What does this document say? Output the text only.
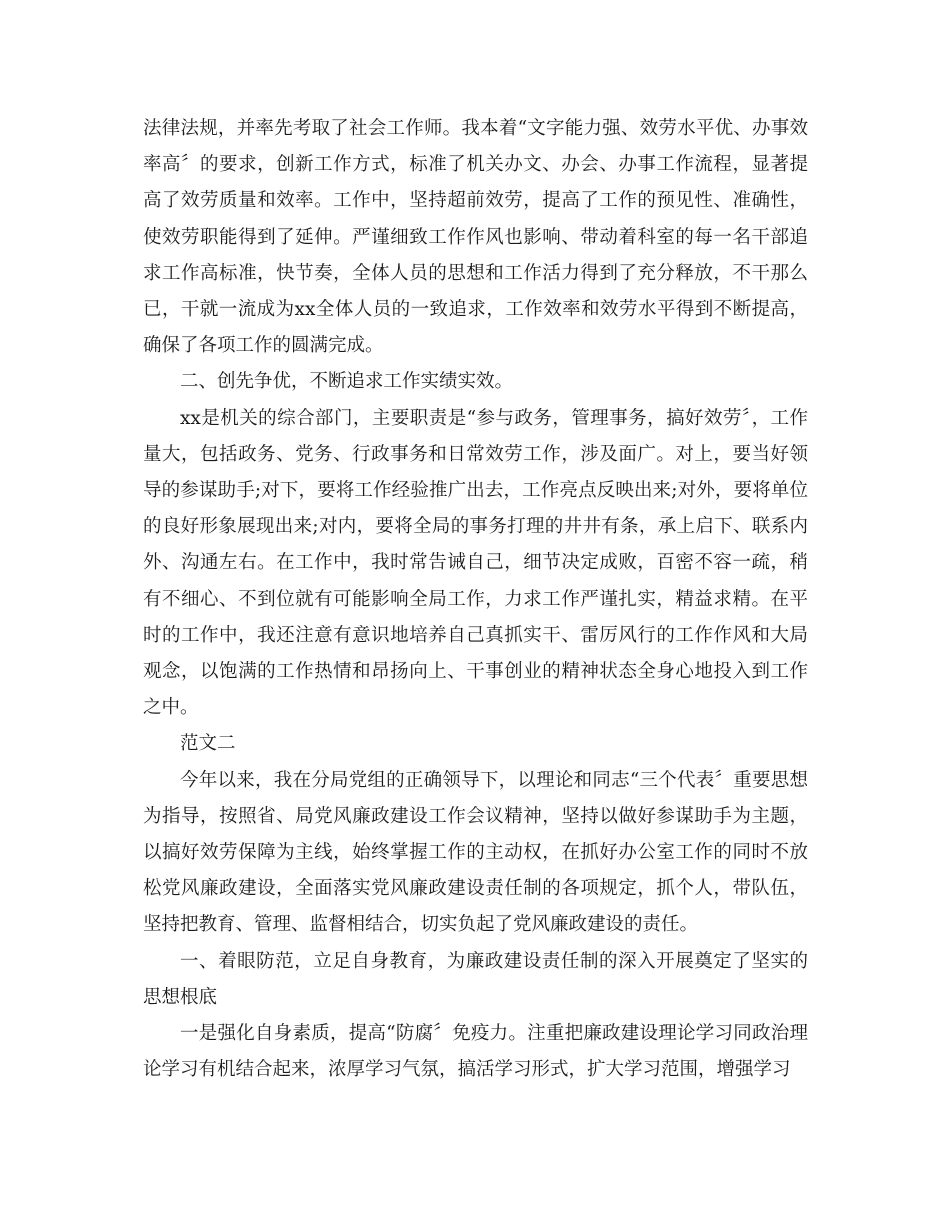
法律法规，并率先考取了社会工作师。我本着“文字能力强、效劳水平优、办事效率高〞的要求，创新工作方式，标准了机关办文、办会、办事工作流程，显著提高了效劳质量和效率。工作中，坚持超前效劳，提高了工作的预见性、准确性，使效劳职能得到了延伸。严谨细致工作作风也影响、带动着科室的每一名干部追求工作高标准，快节奏，全体人员的思想和工作活力得到了充分释放，不干那么已，干就一流成为xx全体人员的一致追求，工作效率和效劳水平得到不断提高，确保了各项工作的圆满完成。

二、创先争优，不断追求工作实绩实效。

xx是机关的综合部门，主要职责是“参与政务，管理事务，搞好效劳〞，工作量大，包括政务、党务、行政事务和日常效劳工作，涉及面广。对上，要当好领导的参谋助手;对下，要将工作经验推广出去，工作亮点反映出来;对外，要将单位的良好形象展现出来;对内，要将全局的事务打理的井井有条，承上启下、联系内外、沟通左右。在工作中，我时常告诫自己，细节决定成败，百密不容一疏，稍有不细心、不到位就有可能影响全局工作，力求工作严谨扎实，精益求精。在平时的工作中，我还注意有意识地培养自己真抓实干、雷厉风行的工作作风和大局观念，以饱满的工作热情和昂扬向上、干事创业的精神状态全身心地投入到工作之中。

范文二

今年以来，我在分局党组的正确领导下，以理论和同志“三个代表〞重要思想为指导，按照省、局党风廉政建设工作会议精神，坚持以做好参谋助手为主题，以搞好效劳保障为主线，始终掌握工作的主动权，在抓好办公室工作的同时不放松党风廉政建设，全面落实党风廉政建设责任制的各项规定，抓个人，带队伍，坚持把教育、管理、监督相结合，切实负起了党风廉政建设的责任。

一、着眼防范，立足自身教育，为廉政建设责任制的深入开展奠定了坚实的思想根底

一是强化自身素质，提高“防腐〞免疫力。注重把廉政建设理论学习同政治理论学习有机结合起来，浓厚学习气氛，搞活学习形式，扩大学习范围，增强学习
